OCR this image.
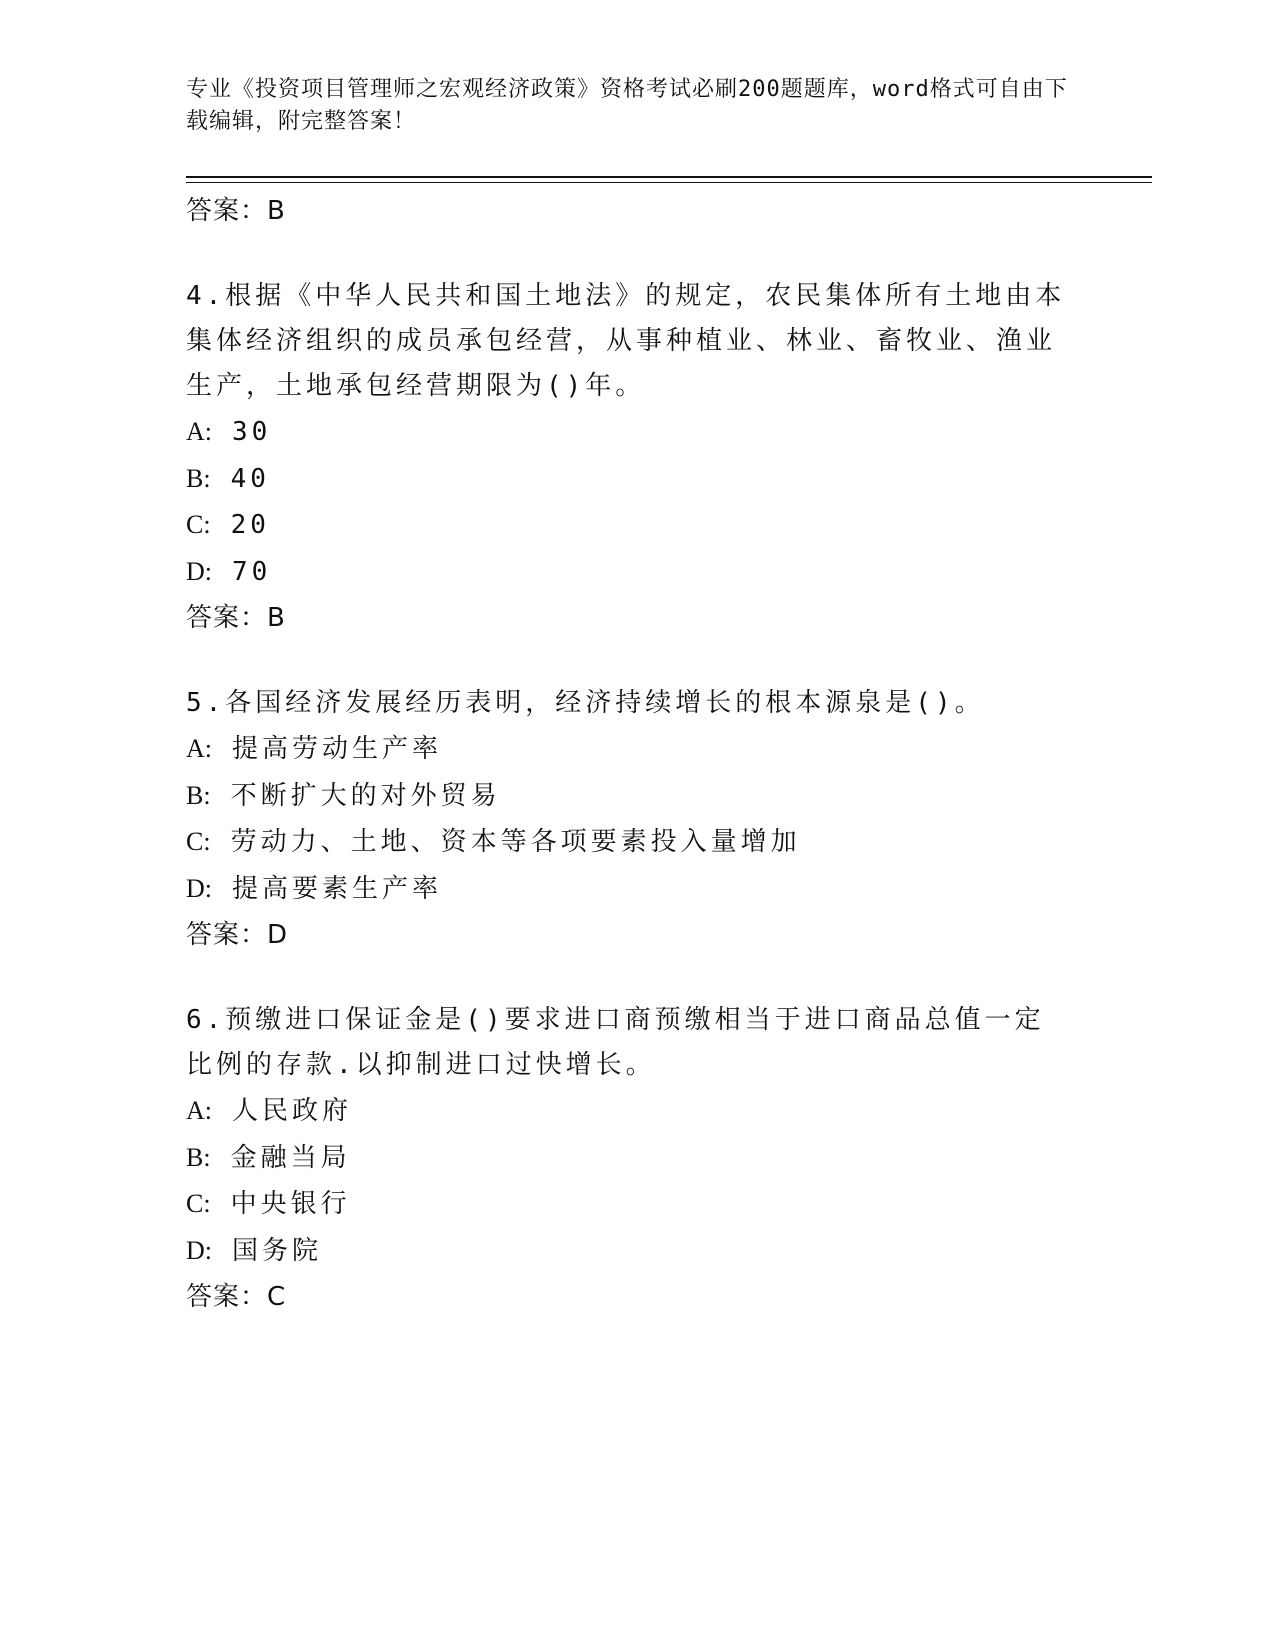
专业《投资项目管理师之宏观经济政策》资格考试必刷200题题库，word格式可自由下载编辑，附完整答案！
答案：B
4.根据《中华人民共和国土地法》的规定，农民集体所有土地由本集体经济组织的成员承包经营，从事种植业、林业、畜牧业、渔业生产，土地承包经营期限为()年。
A: 30
B: 40
C: 20
D: 70
答案：B
5.各国经济发展经历表明，经济持续增长的根本源泉是()。
A: 提高劳动生产率
B: 不断扩大的对外贸易
C: 劳动力、土地、资本等各项要素投入量增加
D: 提高要素生产率
答案：D
6.预缴进口保证金是()要求进口商预缴相当于进口商品总值一定比例的存款.以抑制进口过快增长。
A: 人民政府
B: 金融当局
C: 中央银行
D: 国务院
答案：C
